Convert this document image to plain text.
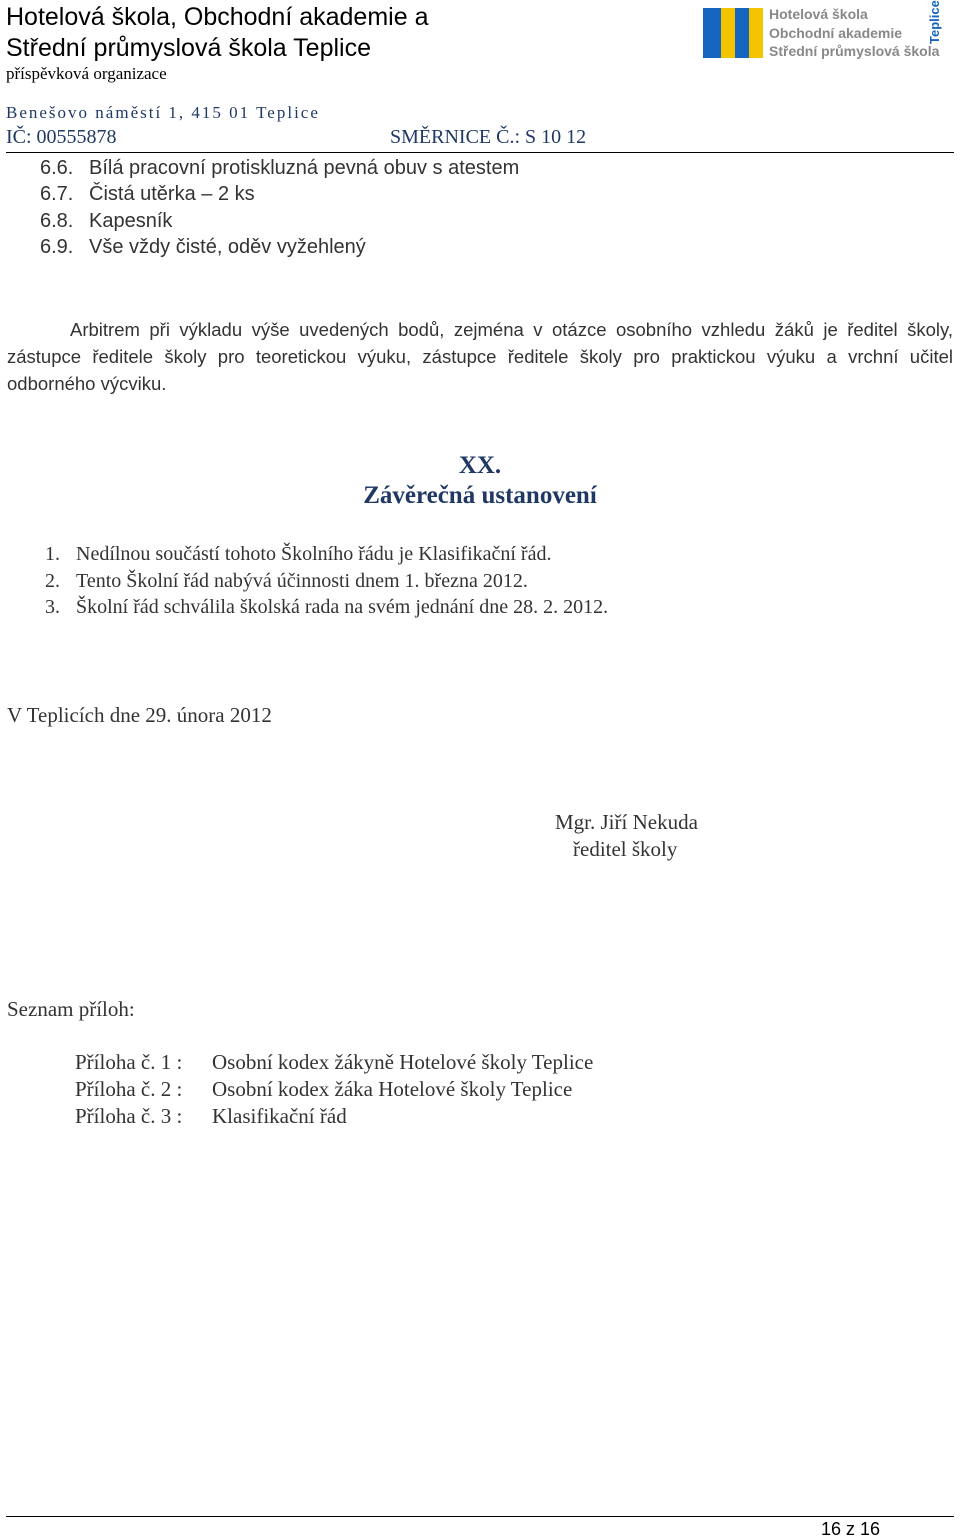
Hotelová škola, Obchodní akademie a
Střední průmyslová škola Teplice
příspěvková organizace
Benešovo náměstí 1, 415 01 Teplice
IČ: 00555878	SMĚRNICE Č.: S 10 12
Hotelová škola
Obchodní akademie
Střední průmyslová škola
Teplice
6.6. Bílá pracovní protiskluzná pevná obuv s atestem
6.7. Čistá utěrka – 2 ks
6.8. Kapesník
6.9. Vše vždy čisté, oděv vyžehlený
Arbitrem při výkladu výše uvedených bodů, zejména v otázce osobního vzhledu žáků je ředitel školy, zástupce ředitele školy pro teoretickou výuku, zástupce ředitele školy pro praktickou výuku a vrchní učitel odborného výcviku.
XX.
Závěrečná ustanovení
1. Nedílnou součástí tohoto Školního řádu je Klasifikační řád.
2. Tento Školní řád nabývá účinnosti dnem 1. března 2012.
3. Školní řád schválila školská rada na svém jednání dne 28. 2. 2012.
V Teplicích dne 29. února 2012
Mgr. Jiří Nekuda
ředitel školy
Seznam příloh:
Příloha č. 1 : Osobní kodex žákyně Hotelové školy Teplice
Příloha č. 2 : Osobní kodex žáka Hotelové školy Teplice
Příloha č. 3 : Klasifikační řád
16 z 16
